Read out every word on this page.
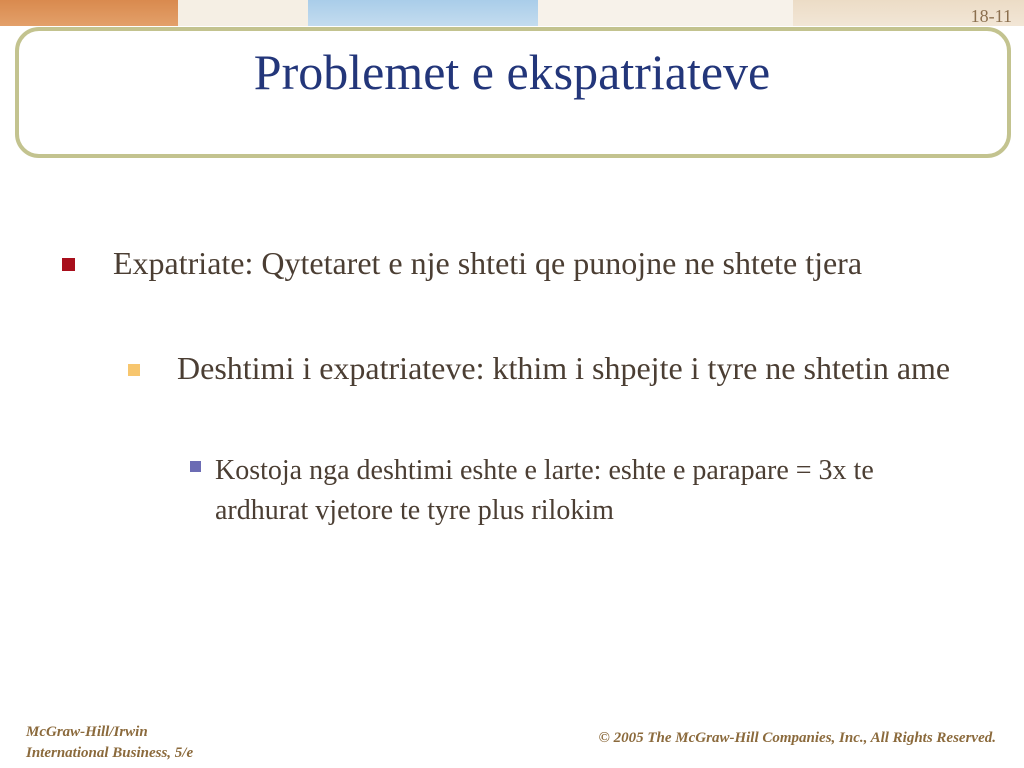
18-11
Problemet e ekspatriateve
Expatriate: Qytetaret e nje shteti qe punojne ne shtete tjera
Deshtimi i expatriateve: kthim i shpejte i tyre ne shtetin ame
Kostoja nga deshtimi eshte e larte: eshte e parapare = 3x te ardhurat vjetore te tyre plus rilokim
McGraw-Hill/Irwin
International Business, 5/e
© 2005 The McGraw-Hill Companies, Inc., All Rights Reserved.
